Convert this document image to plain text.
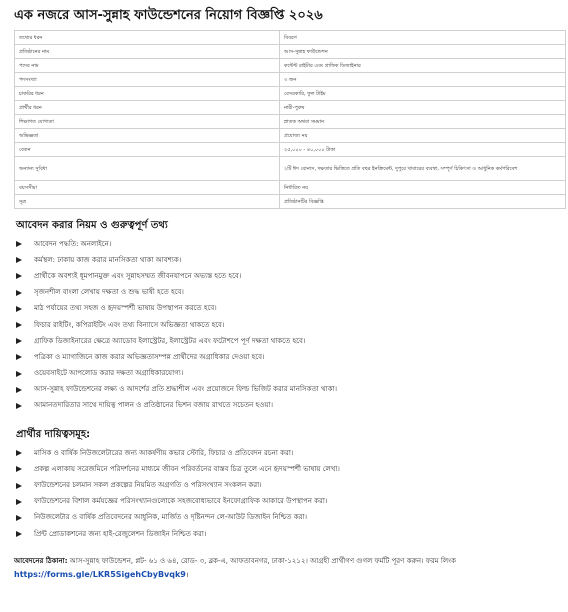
এক নজরে আস-সুন্নাহ ফাউন্ডেশনের নিয়োগ বিজ্ঞপ্তি ২০২৬
তথ্যের ধরন	বিবরণ
প্রতিষ্ঠানের নাম	আস-সুন্নাহ ফাউন্ডেশন
পদের নাম	কন্টেন্ট রাইটার এবং গ্রাফিক ডিজাইনার
পদসংখ্যা	৩ জন
চাকরির ধরন	বেসরকারি, ফুল টাইম
প্রার্থীর ধরন	নারী-পুরুষ
শিক্ষাগত যোগ্যতা	স্নাতক অথবা সমমান
অভিজ্ঞতা	প্রযোজ্য নয়
বেতন	২৫,০০০ - ৪০,০০০ টাকা
অন্যান্য সুবিধা	২টি ঈদ বোনাস, দক্ষতার ভিত্তিতে প্রতি বছর ইনক্রিমেন্ট, দুপুরে খাবারের ব্যবস্থা, সম্পূর্ণ চিকিৎসা ও আধুনিক কর্মপরিবেশ
বয়সসীমা	নির্ধারিত নয়
সূত্র	প্রতিষ্ঠানটির বিজ্ঞপ্তি
আবেদন করার নিয়ম ও গুরুত্বপূর্ণ তথ্য
আবেদন পদ্ধতি: অনলাইনে।
কর্মস্থল: ঢাকায় কাজ করার মানসিকতা থাকা আবশ্যক।
প্রার্থীকে অবশ্যই ধূমপানমুক্ত এবং সুন্নাহসম্মত জীবনযাপনে অভ্যস্ত হতে হবে।
সৃজনশীল বাংলা লেখায় দক্ষতা ও শুদ্ধ ভাষী হতে হবে।
মাঠ পর্যায়ের তথ্য সহজ ও হৃদয়স্পর্শী ভাষায় উপস্থাপন করতে হবে।
ফিচার রাইটিং, কপিরাইটিং এবং তথ্য বিন্যাসে অভিজ্ঞতা থাকতে হবে।
গ্রাফিক ডিজাইনারের ক্ষেত্রে অ্যাডোব ইলাস্ট্রেটর, ইলাস্ট্রেটর এবং ফটোশপে পূর্ণ দক্ষতা থাকতে হবে।
পত্রিকা ও ম্যাগাজিনে কাজ করার অভিজ্ঞতাসম্পন্ন প্রার্থীদের অগ্রাধিকার দেওয়া হবে।
ওয়েবসাইটে আপলোড করার দক্ষতা অগ্রাধিকারযোগ্য।
আস-সুন্নাহ ফাউন্ডেশনের লক্ষ্য ও আদর্শের প্রতি শ্রদ্ধাশীল এবং প্রয়োজনে ফিল্ড ভিজিট করার মানসিকতা থাকা।
আমানতদারিতার সাথে দায়িত্ব পালন ও প্রতিষ্ঠানের ভিশন বজায় রাখতে সচেতন হওয়া।
প্রার্থীর দায়িত্বসমূহ:
মাসিক ও বার্ষিক নিউজলেটারের জন্য আকর্ষণীয় কভার স্টোরি, ফিচার ও প্রতিবেদন রচনা করা।
প্রকল্প এলাকায় সরেজমিনে পরিদর্শনের মাধ্যমে জীবন পরিবর্তনের বাস্তব চিত্র তুলে এনে হৃদয়স্পর্শী ভাষায় লেখা।
ফাউন্ডেশনের চলমান সকল প্রকল্পের নিয়মিত অগ্রগতি ও পরিসংখ্যান সংকলন করা।
ফাউন্ডেশনের বিশাল কর্মযজ্ঞের পরিসংখ্যানগুলোকে সহজবোধ্যভাবে ইনফোগ্রাফিক আকারে উপস্থাপন করা।
নিউজলেটার ও বার্ষিক প্রতিবেদনের আধুনিক, মার্জিত ও দৃষ্টিনন্দন লে-আউট ডিজাইন নিশ্চিত করা।
প্রিন্ট প্রোডাকশনের জন্য হাই-রেজুলেশন ডিজাইন নিশ্চিত করা।
আবেদনের ঠিকানা: আস-সুন্নাহ ফাউন্ডেশন, প্লট- ৬১ ও ৬৪, রোড- ৩, ব্লক-এ, আফতাবনগর, ঢাকা-১২১২। আগ্রহী প্রার্থীগণ গুগল ফর্মটি পূরণ করুন। ফরম লিংক https://forms.gle/LKR5SigehCbyBvqk9।
